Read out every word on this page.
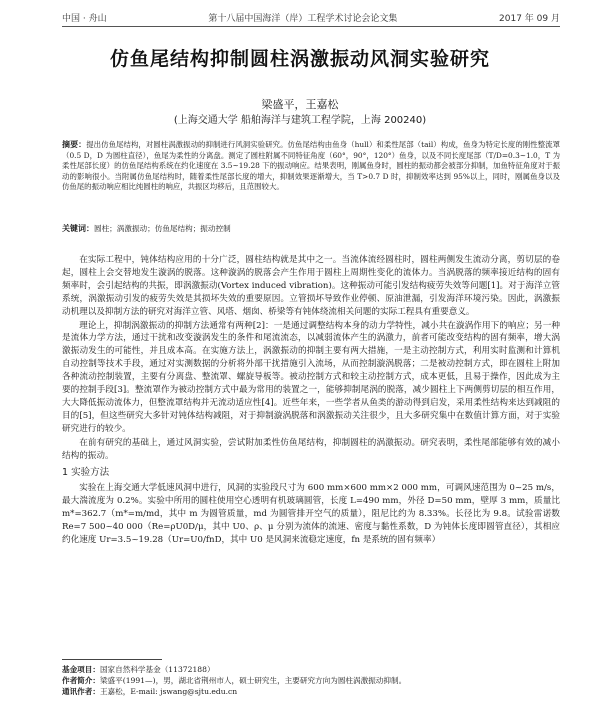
中国 · 舟山	第十八届中国海洋（岸）工程学术讨论会论文集	2017 年 09 月
仿鱼尾结构抑制圆柱涡激振动风洞实验研究
梁盛平，王嘉松
(上海交通大学 船舶海洋与建筑工程学院，上海 200240)
摘要：提出仿鱼尾结构，对圆柱涡激振动的抑制进行风洞实验研究。仿鱼尾结构由鱼身（hull）和柔性尾部（tail）构成，鱼身为特定长度的刚性整流罩（0.5 D，D 为圆柱直径），鱼尾为柔性的分离盘。测定了圆柱附属不同特征角度（60°，90°，120°）鱼身，以及不同长度尾部（T/D=0.3~1.0，T 为柔性尾部长度）的仿鱼尾结构系统在约化速度在 3.5~19.28 下的振动响应。结果表明，刚属鱼身时，圆柱的振动都会被部分抑制，加鱼特征角度对于振动的影响很小。当附属仿鱼尾结构时，随着柔性尾部长度的增大，抑制效果逐渐增大，当 T>0.7 D 时，抑制效率达到 95%以上，同时，刚属鱼身以及仿鱼尾的振动响应相比纯圆柱的响应，共振区均移后，且范围较大。
关键词：圆柱；涡激振动；仿鱼尾结构；振动控制

在实际工程中，钝体结构应用的十分广泛，圆柱结构就是其中之一。当流体流经圆柱时，圆柱两侧发生流动分离，剪切层的卷起，圆柱上会交替地发生漩涡的脱落。这种漩涡的脱落会产生作用于圆柱上周期性变化的流体力。当涡脱落的频率接近结构的固有频率时，会引起结构的共振，即涡激振动(Vortex induced vibration)。这种振动可能引发结构疲劳失效等问题[1]。对于海洋立管系统，涡激振动引发的疲劳失效是其损坏失效的重要原因。立管损坏导致作业停顿、原油泄漏，引发海洋环境污染。因此，涡激振动机理以及抑制方法的研究对海洋立管、风塔、烟囱、桥梁等有钝体绕流相关问题的实际工程具有重要意义。

理论上，抑制涡激振动的抑制方法通常有两种[2]：一是通过调整结构本身的动力学特性，减小共在漩涡作用下的响应；另一种是流体力学方法，通过干扰和改变漩涡发生的条件和尾流流态，以减弱流体产生的涡激力，前者可能改变结构的固有频率，增大涡激振动发生的可能性，并且成本高。在实施方法上，涡激振动的抑制主要有两大措施，一是主动控制方式，利用实时监测和计算机自动控制等技术手段，通过对实测数据的分析将外部干扰措施引入流场，从而控制漩涡脱落；二是被动控制方式，即在圆柱上附加各种流动控制装置，主要有分离盘、整流罩、螺旋导板等。被动控制方式和较主动控制方式，成本更低，且易于操作，因此成为主要的控制手段[3]。整流罩作为被动控制方式中最为常用的装置之一，能够抑制尾涡的脱落，减少圆柱上下两侧剪切层的相互作用，大大降低振动流体力，但整流罩结构并无流动适应性[4]。近些年来，一些学者从鱼类的游动得到启发，采用柔性结构来达到减阻的目的[5]，但这些研究大多针对钝体结构减阻，对于抑制漩涡脱落和涡激振动关注很少，且大多研究集中在数值计算方面，对于实验研究进行的较少。

在前有研究的基础上，通过风洞实验，尝试附加柔性仿鱼尾结构，抑制圆柱的涡激振动。研究表明，柔性尾部能够有效的减小结构的振动。

1 实验方法

实验在上海交通大学低速风洞中进行，风洞的实验段尺寸为 600 mm×600 mm×2 000 mm，可调风速范围为 0~25 m/s，最大湍流度为 0.2%。实验中所用的圆柱使用空心透明有机玻璃圆管，长度 L=490 mm，外径 D=50 mm，壁厚 3 mm，质量比 m*=362.7（m*=m/md，其中 m 为圆管质量，md 为圆管排开空气的质量），阻尼比约为 8.33%。长径比为 9.8。试验雷诺数 Re=7 500~40 000（Re=ρU0D/μ，其中 U0、ρ、μ 分别为流体的流速、密度与黏性系数，D 为钝体长度即圆管直径），其相应约化速度 Ur=3.5~19.28（Ur=U0/fnD，其中 U0 是风洞来流稳定速度，fn 是系统的固有频率）

基金项目：国家自然科学基金（11372188）
作者简介：梁盛平(1991—)，男，湖北省荆州市人，硕士研究生，主要研究方向为圆柱涡激振动抑制。
通讯作者：王嘉松，E-mail: jswang@sjtu.edu.cn
